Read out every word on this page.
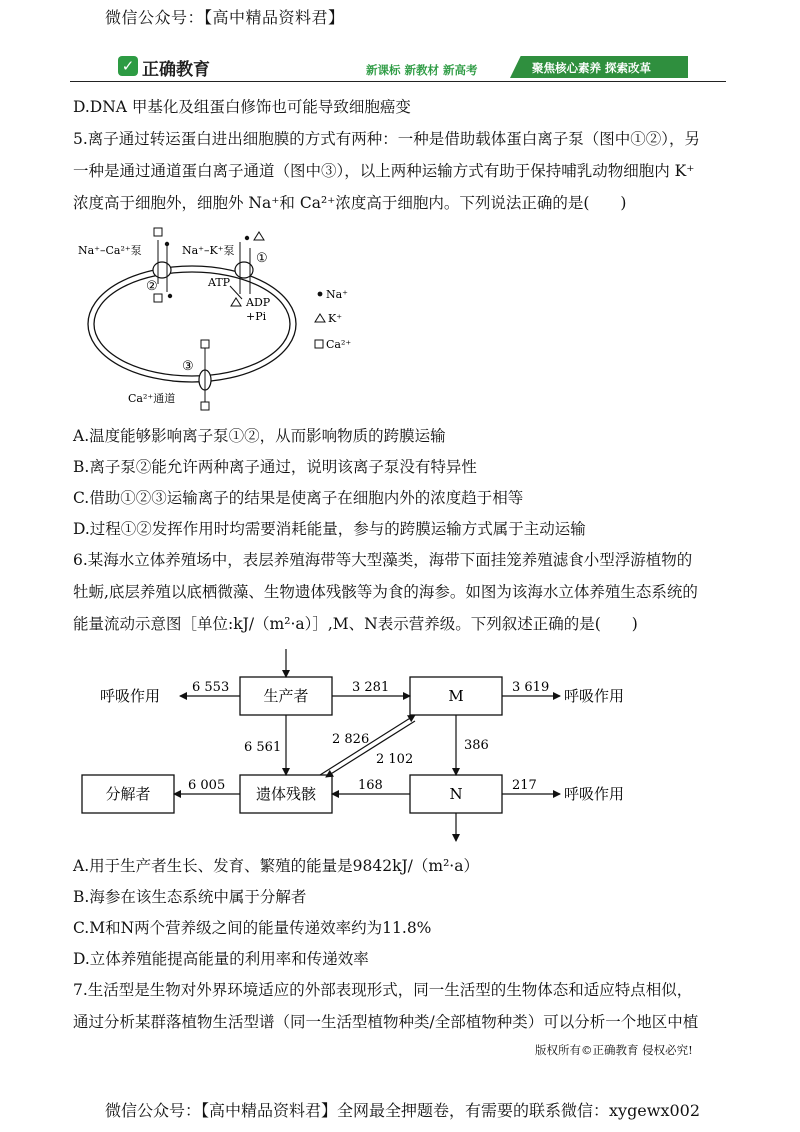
微信公众号：【高中精品资料君】
✓ 正确教育	新课标 新教材 新高考	聚焦核心素养 探索改革
D.DNA 甲基化及组蛋白修饰也可能导致细胞癌变
5.离子通过转运蛋白进出细胞膜的方式有两种：一种是借助载体蛋白离子泵（图中①②），另
一种是通过通道蛋白离子通道（图中③），以上两种运输方式有助于保持哺乳动物细胞内 K⁺
浓度高于细胞外，细胞外 Na⁺和 Ca²⁺浓度高于细胞内。下列说法正确的是(　　)
Na⁺–Ca²⁺泵
②
Na⁺–K⁺泵
①
ATP
ADP
+Pi
③
Ca²⁺通道
Na⁺
K⁺
Ca²⁺
A.温度能够影响离子泵①②，从而影响物质的跨膜运输
B.离子泵②能允许两种离子通过，说明该离子泵没有特异性
C.借助①②③运输离子的结果是使离子在细胞内外的浓度趋于相等
D.过程①②发挥作用时均需要消耗能量，参与的跨膜运输方式属于主动运输
6.某海水立体养殖场中，表层养殖海带等大型藻类，海带下面挂笼养殖滤食小型浮游植物的
牡蛎,底层养殖以底栖微藻、生物遗体残骸等为食的海参。如图为该海水立体养殖生态系统的
能量流动示意图［单位:kJ/（m²·a）］,M、N表示营养级。下列叙述正确的是(　　)
生产者	M
遗体残骸	N
分解者
呼吸作用	呼吸作用
呼吸作用
6 553	3 281	3 619
6 561
2 826
2 102
386
6 005	168	217
A.用于生产者生长、发育、繁殖的能量是9842kJ/（m²·a）
B.海参在该生态系统中属于分解者
C.M和N两个营养级之间的能量传递效率约为11.8%
D.立体养殖能提高能量的利用率和传递效率
7.生活型是生物对外界环境适应的外部表现形式，同一生活型的生物体态和适应特点相似，
通过分析某群落植物生活型谱（同一生活型植物种类/全部植物种类）可以分析一个地区中植
版权所有©正确教育 侵权必究!
微信公众号：【高中精品资料君】全网最全押题卷，有需要的联系微信：xygewx002
